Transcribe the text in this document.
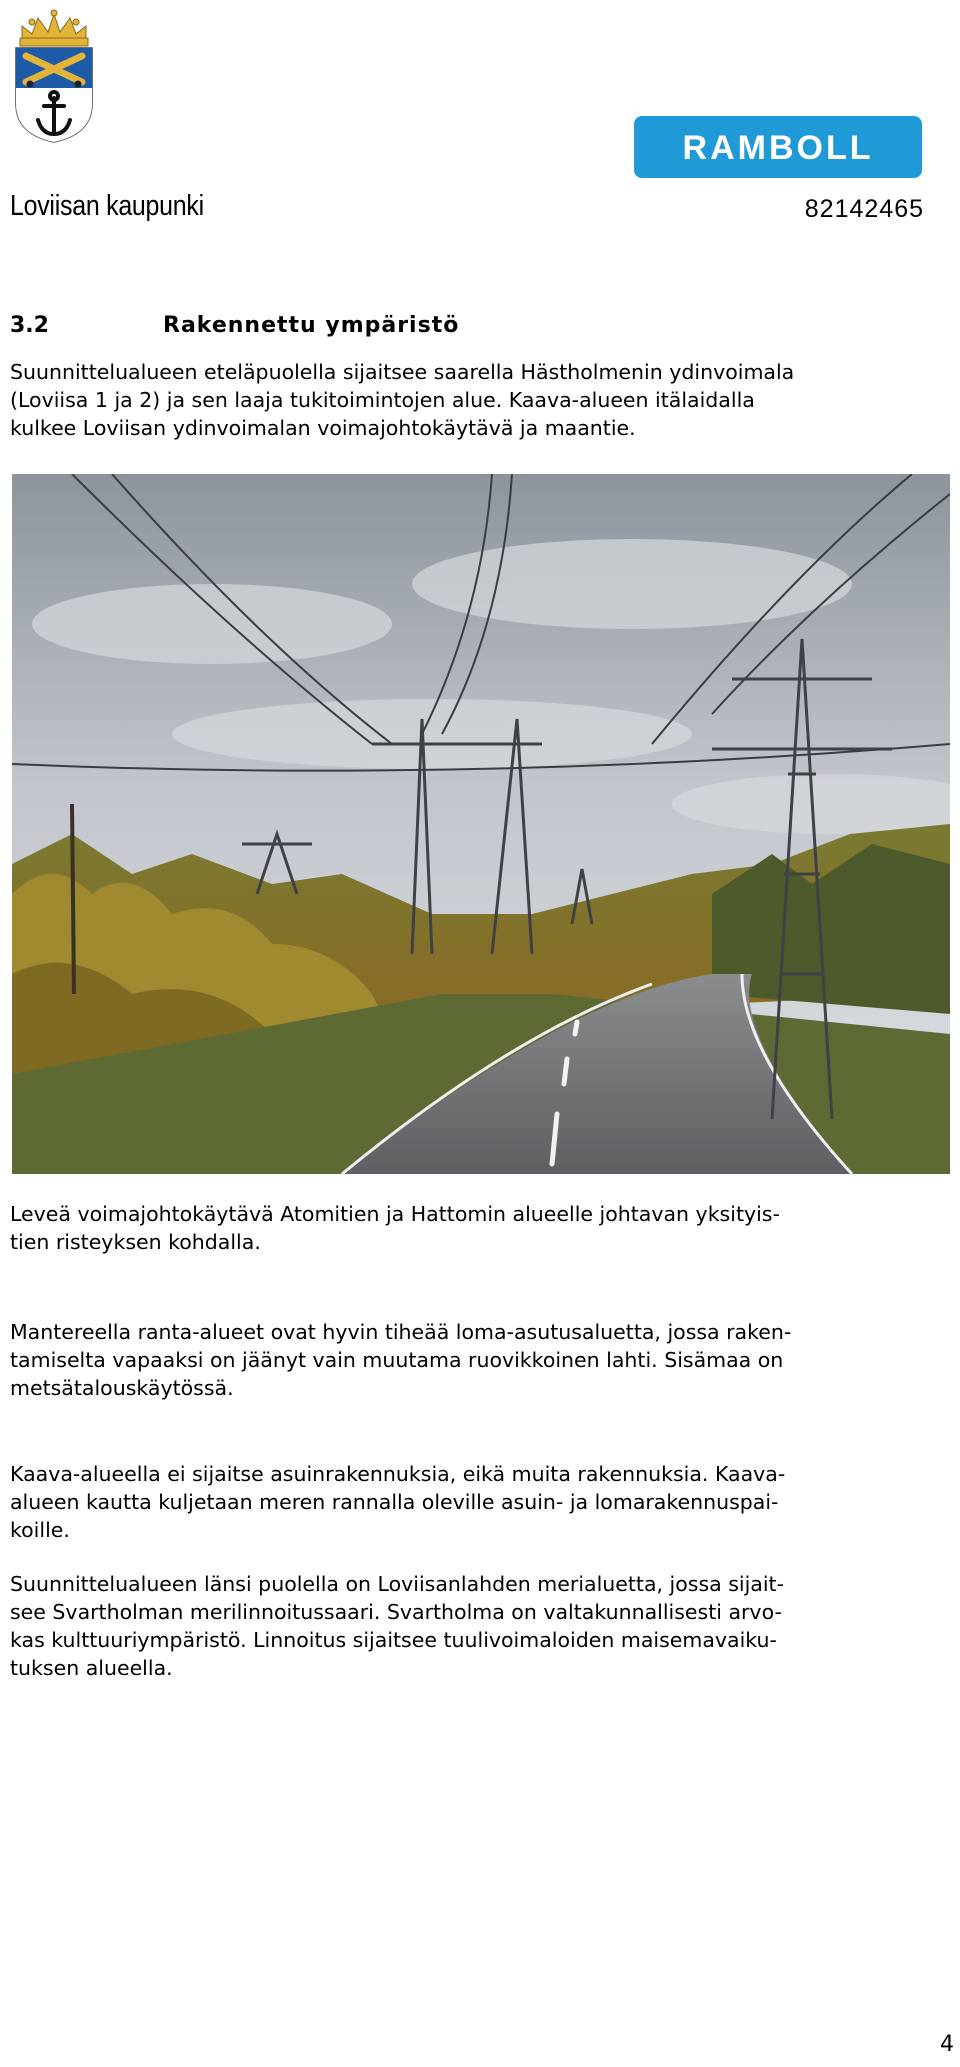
RAMBOLL
Loviisan kaupunki	82142465
3.2	Rakennettu ympäristö
Suunnittelualueen eteläpuolella sijaitsee saarella Hästholmenin ydinvoimala
(Loviisa 1 ja 2) ja sen laaja tukitoimintojen alue. Kaava-alueen itälaidalla
kulkee Loviisan ydinvoimalan voimajohtokäytävä ja maantie.
Leveä voimajohtokäytävä Atomitien ja Hattomin alueelle johtavan yksityis-
tien risteyksen kohdalla.
Mantereella ranta-alueet ovat hyvin tiheää loma-asutusaluetta, jossa raken-
tamiselta vapaaksi on jäänyt vain muutama ruovikkoinen lahti. Sisämaa on
metsätalouskäytössä.
Kaava-alueella ei sijaitse asuinrakennuksia, eikä muita rakennuksia. Kaava-
alueen kautta kuljetaan meren rannalla oleville asuin- ja lomarakennuspai-
koille.
Suunnittelualueen länsi puolella on Loviisanlahden merialuetta, jossa sijait-
see Svartholman merilinnoitussaari. Svartholma on valtakunnallisesti arvo-
kas kulttuuriympäristö. Linnoitus sijaitsee tuulivoimaloiden maisemavaiku-
tuksen alueella.
4
